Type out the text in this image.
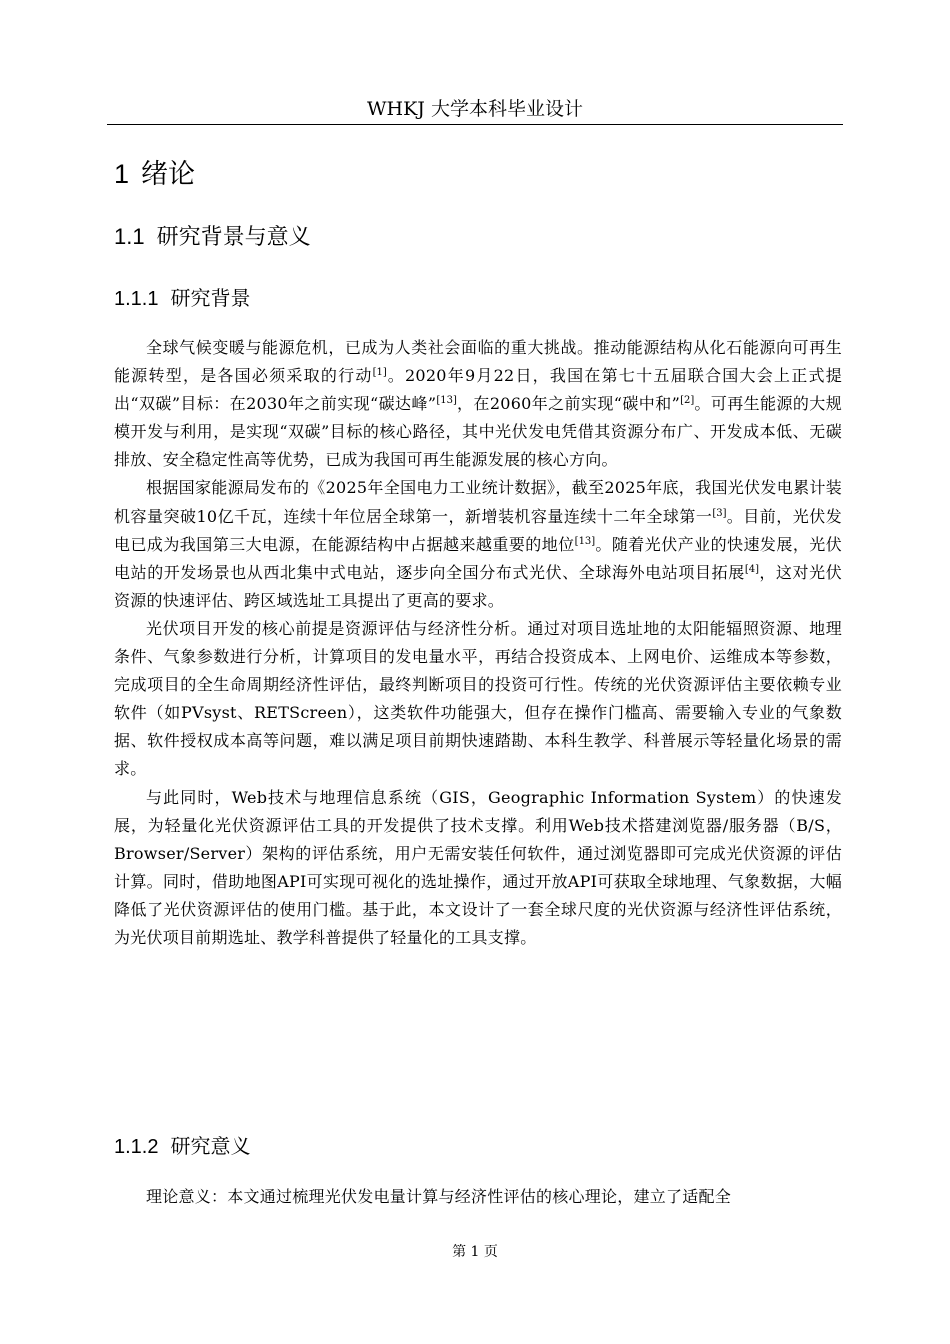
WHKJ 大学本科毕业设计
1 绪论
1.1 研究背景与意义
1.1.1 研究背景

全球气候变暖与能源危机，已成为人类社会面临的重大挑战。推动能源结构从化石能源向可再生能源转型，是各国必须采取的行动[1]。2020年9月22日，我国在第七十五届联合国大会上正式提出“双碳”目标：在2030年之前实现“碳达峰”[13]，在2060年之前实现“碳中和”[2]。可再生能源的大规模开发与利用，是实现“双碳”目标的核心路径，其中光伏发电凭借其资源分布广、开发成本低、无碳排放、安全稳定性高等优势，已成为我国可再生能源发展的核心方向。

根据国家能源局发布的《2025年全国电力工业统计数据》，截至2025年底，我国光伏发电累计装机容量突破10亿千瓦，连续十年位居全球第一，新增装机容量连续十二年全球第一[3]。目前，光伏发电已成为我国第三大电源，在能源结构中占据越来越重要的地位[13]。随着光伏产业的快速发展，光伏电站的开发场景也从西北集中式电站，逐步向全国分布式光伏、全球海外电站项目拓展[4]，这对光伏资源的快速评估、跨区域选址工具提出了更高的要求。

光伏项目开发的核心前提是资源评估与经济性分析。通过对项目选址地的太阳能辐照资源、地理条件、气象参数进行分析，计算项目的发电量水平，再结合投资成本、上网电价、运维成本等参数，完成项目的全生命周期经济性评估，最终判断项目的投资可行性。传统的光伏资源评估主要依赖专业软件（如PVsyst、RETScreen），这类软件功能强大，但存在操作门槛高、需要输入专业的气象数据、软件授权成本高等问题，难以满足项目前期快速踏勘、本科生教学、科普展示等轻量化场景的需求。

与此同时，Web技术与地理信息系统（GIS，Geographic Information System）的快速发展，为轻量化光伏资源评估工具的开发提供了技术支撑。利用Web技术搭建浏览器/服务器（B/S，Browser/Server）架构的评估系统，用户无需安装任何软件，通过浏览器即可完成光伏资源的评估计算。同时，借助地图API可实现可视化的选址操作，通过开放API可获取全球地理、气象数据，大幅降低了光伏资源评估的使用门槛。基于此，本文设计了一套全球尺度的光伏资源与经济性评估系统，为光伏项目前期选址、教学科普提供了轻量化的工具支撑。

1.1.2 研究意义

理论意义：本文通过梳理光伏发电量计算与经济性评估的核心理论，建立了适配全

第 1 页
